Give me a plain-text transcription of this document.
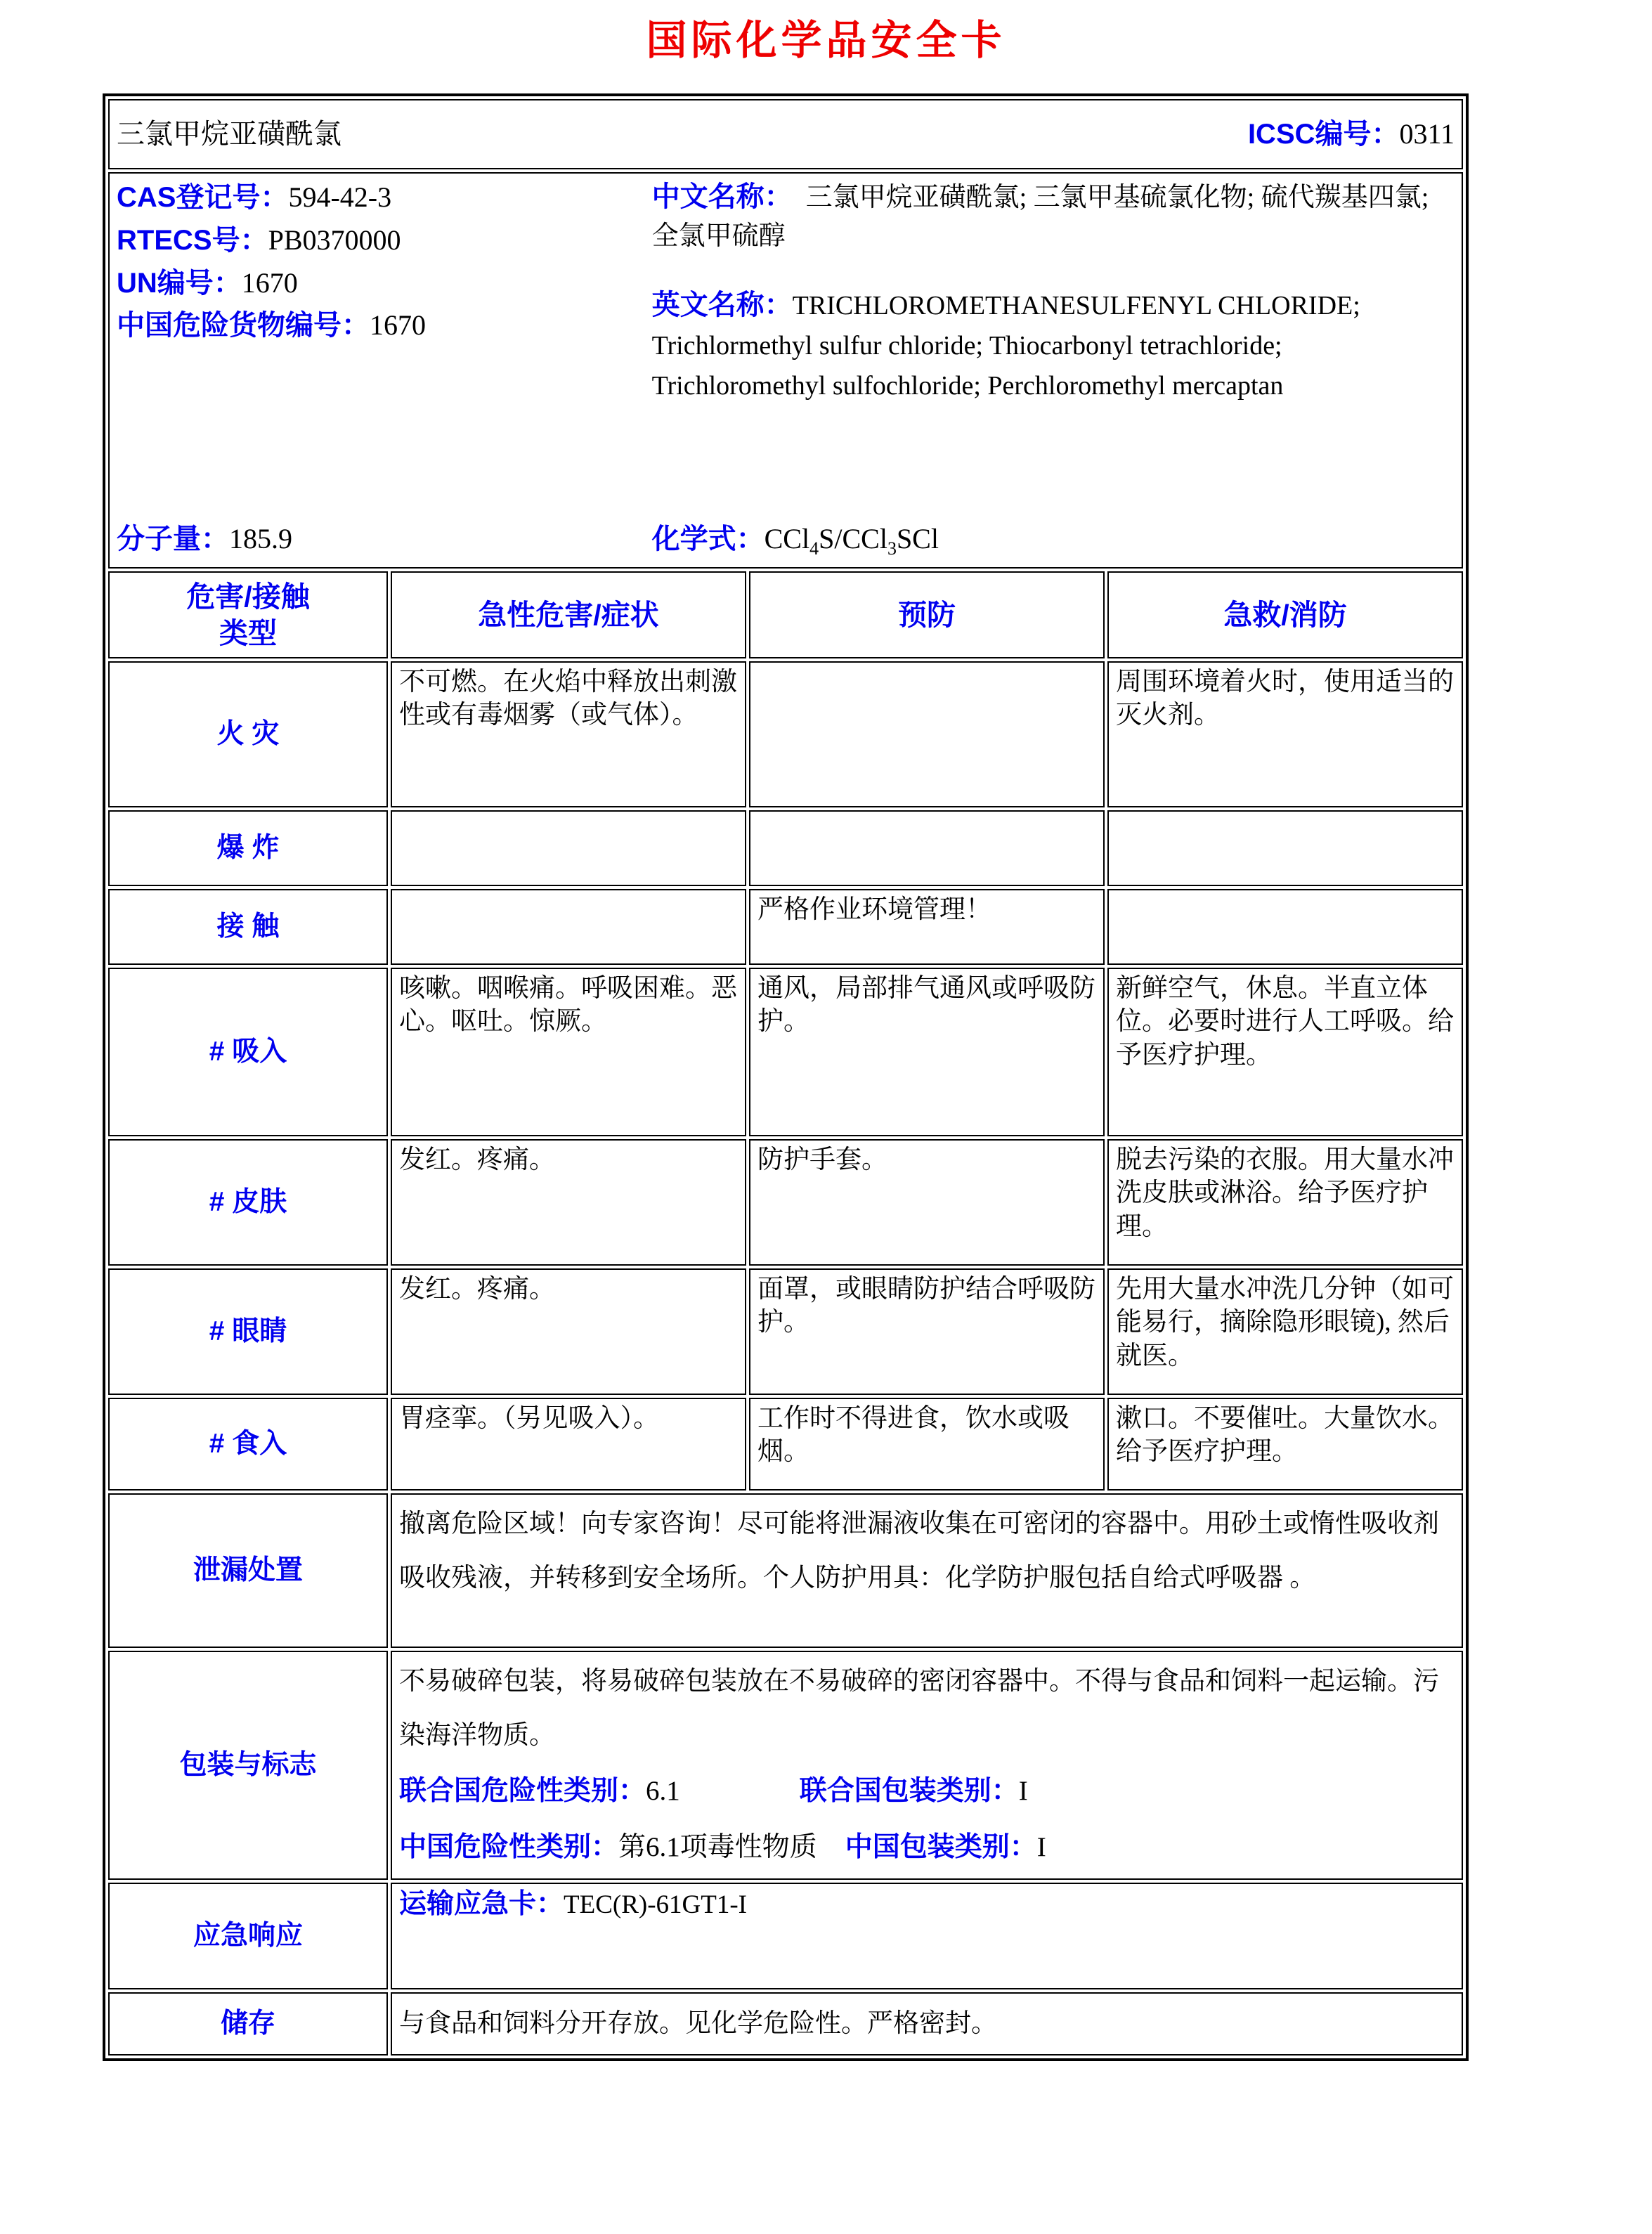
国际化学品安全卡
三氯甲烷亚磺酰氯 ICSC编号：0311			

CAS登记号：594-42-3
RTECS号：PB0370000
UN编号：1670
中国危险货物编号：1670

中文名称： 三氯甲烷亚磺酰氯; 三氯甲基硫氯化物; 硫代羰基四氯; 全氯甲硫醇

英文名称：TRICHLOROMETHANESULFENYL CHLORIDE; Trichlormethyl sulfur chloride; Thiocarbonyl tetrachloride; Trichloromethyl sulfochloride; Perchloromethyl mercaptan

分子量：185.9	化学式：CCl$_4$S/CCl$_3$SCl

危害/接触
类型	急性危害/症状	预防	急救/消防
火 灾	不可燃。在火焰中释放出刺激性或有毒烟雾（或气体）。		周围环境着火时，使用适当的灭火剂。
爆 炸			
接 触		严格作业环境管理！	
# 吸入	咳嗽。咽喉痛。呼吸困难。恶心。呕吐。惊厥。	通风，局部排气通风或呼吸防护。	新鲜空气，休息。半直立体位。必要时进行人工呼吸。给予医疗护理。
# 皮肤	发红。疼痛。	防护手套。	脱去污染的衣服。用大量水冲洗皮肤或淋浴。给予医疗护理。
# 眼睛	发红。疼痛。	面罩，或眼睛防护结合呼吸防护。	先用大量水冲洗几分钟（如可能易行，摘除隐形眼镜), 然后就医。
# 食入	胃痉挛。（另见吸入）。	工作时不得进食，饮水或吸烟。	漱口。不要催吐。大量饮水。给予医疗护理。
泄漏处置	撤离危险区域！向专家咨询！尽可能将泄漏液收集在可密闭的容器中。用砂土或惰性吸收剂吸收残液，并转移到安全场所。个人防护用具：化学防护服包括自给式呼吸器 。		
包装与标志	不易破碎包装，将易破碎包装放在不易破碎的密闭容器中。不得与食品和饲料一起运输。污染海洋物质。
联合国危险性类别：6.1 联合国包装类别：I
中国危险性类别：第6.1项毒性物质 中国包装类别：I		

应急响应	运输应急卡：TEC(R)-61GT1-I		
储存	与食品和饲料分开存放。见化学危险性。严格密封。		
